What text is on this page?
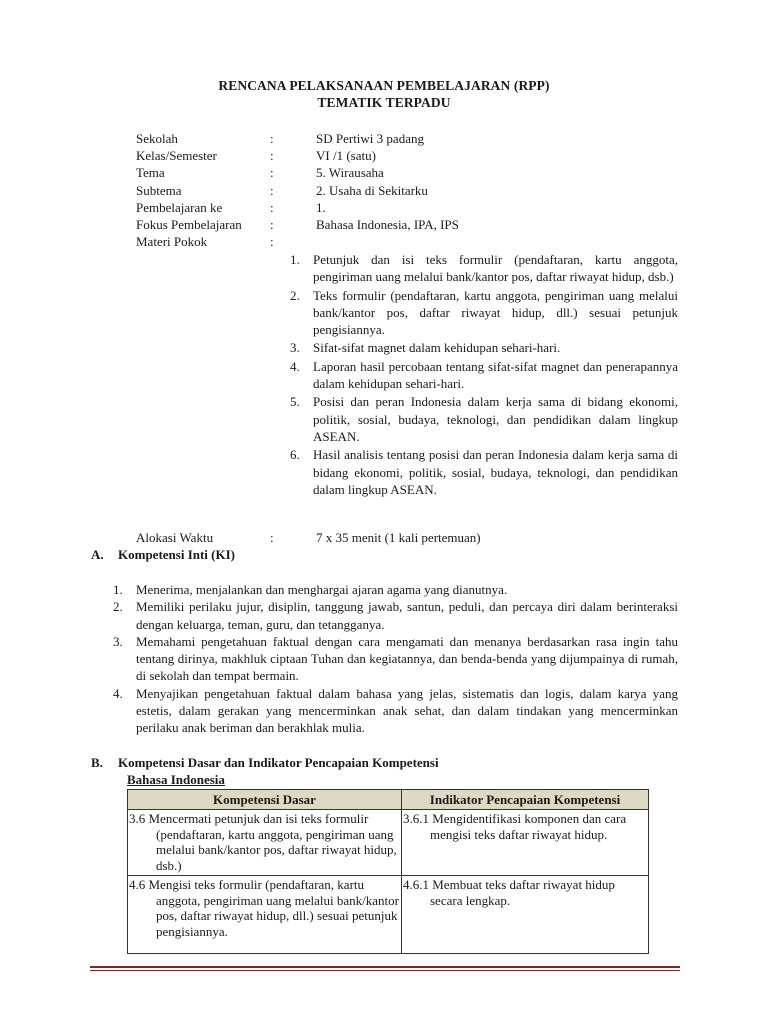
RENCANA PELAKSANAAN PEMBELAJARAN (RPP)
TEMATIK TERPADU
Sekolah	:	SD Pertiwi 3 padang
Kelas/Semester	:	VI /1 (satu)
Tema	:	5. Wirausaha
Subtema	:	2. Usaha di Sekitarku
Pembelajaran ke	:	1.
Fokus Pembelajaran :	Bahasa Indonesia, IPA, IPS
Materi Pokok	:
1. Petunjuk dan isi teks formulir (pendaftaran, kartu anggota, pengiriman uang melalui bank/kantor pos, daftar riwayat hidup, dsb.)
2. Teks formulir (pendaftaran, kartu anggota, pengiriman uang melalui bank/kantor pos, daftar riwayat hidup, dll.) sesuai petunjuk pengisiannya.
3. Sifat-sifat magnet dalam kehidupan sehari-hari.
4. Laporan hasil percobaan tentang sifat-sifat magnet dan penerapannya dalam kehidupan sehari-hari.
5. Posisi dan peran Indonesia dalam kerja sama di bidang ekonomi, politik, sosial, budaya, teknologi, dan pendidikan dalam lingkup ASEAN.
6. Hasil analisis tentang posisi dan peran Indonesia dalam kerja sama di bidang ekonomi, politik, sosial, budaya, teknologi, dan pendidikan dalam lingkup ASEAN.
Alokasi Waktu	:	7 x 35 menit (1 kali pertemuan)
A. Kompetensi Inti (KI)
1. Menerima, menjalankan dan menghargai ajaran agama yang dianutnya.
2. Memiliki perilaku jujur, disiplin, tanggung jawab, santun, peduli, dan percaya diri dalam berinteraksi dengan keluarga, teman, guru, dan tetangganya.
3. Memahami pengetahuan faktual dengan cara mengamati dan menanya berdasarkan rasa ingin tahu tentang dirinya, makhluk ciptaan Tuhan dan kegiatannya, dan benda-benda yang dijumpainya di rumah, di sekolah dan tempat bermain.
4. Menyajikan pengetahuan faktual dalam bahasa yang jelas, sistematis dan logis, dalam karya yang estetis, dalam gerakan yang mencerminkan anak sehat, dan dalam tindakan yang mencerminkan perilaku anak beriman dan berakhlak mulia.
B. Kompetensi Dasar dan Indikator Pencapaian Kompetensi
Bahasa Indonesia
Kompetensi Dasar	Indikator Pencapaian Kompetensi

3.6 Mencermati petunjuk dan isi teks formulir (pendaftaran, kartu anggota, pengiriman uang melalui bank/kantor pos, daftar riwayat hidup, dsb.)	3.6.1 Mengidentifikasi komponen dan cara mengisi teks daftar riwayat hidup.

4.6 Mengisi teks formulir (pendaftaran, kartu anggota, pengiriman uang melalui bank/kantor pos, daftar riwayat hidup, dll.) sesuai petunjuk pengisiannya.	4.6.1 Membuat teks daftar riwayat hidup secara lengkap.
